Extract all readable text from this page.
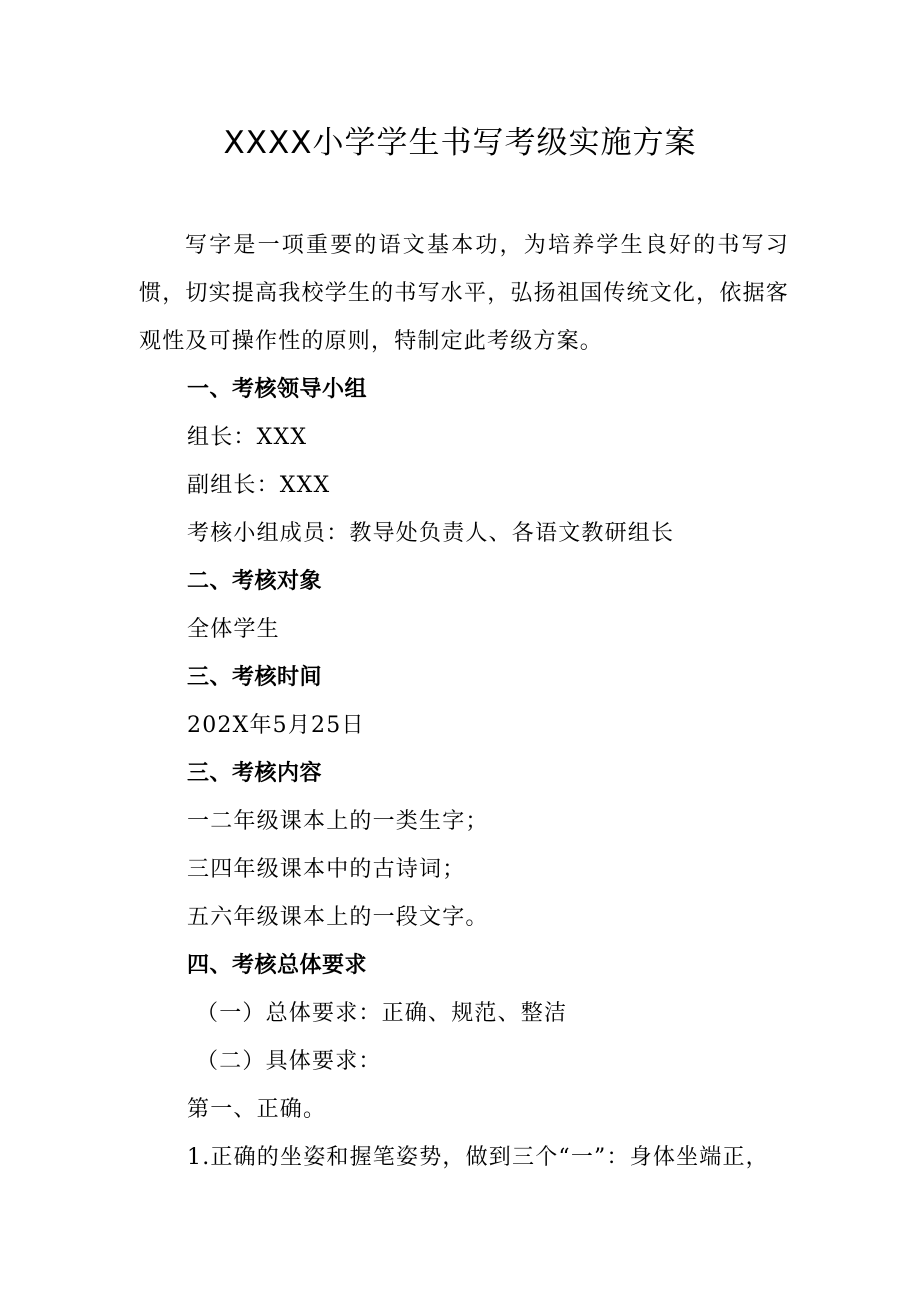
XXXX小学学生书写考级实施方案

写字是一项重要的语文基本功，为培养学生良好的书写习惯，切实提高我校学生的书写水平，弘扬祖国传统文化，依据客观性及可操作性的原则，特制定此考级方案。

一、考核领导小组
组长：XXX
副组长：XXX
考核小组成员：教导处负责人、各语文教研组长
二、考核对象
全体学生
三、考核时间
202X年5月25日
三、考核内容
一二年级课本上的一类生字；
三四年级课本中的古诗词；
五六年级课本上的一段文字。
四、考核总体要求
（一）总体要求：正确、规范、整洁
（二）具体要求：
第一、正确。
1.正确的坐姿和握笔姿势，做到三个“一”：身体坐端正，
